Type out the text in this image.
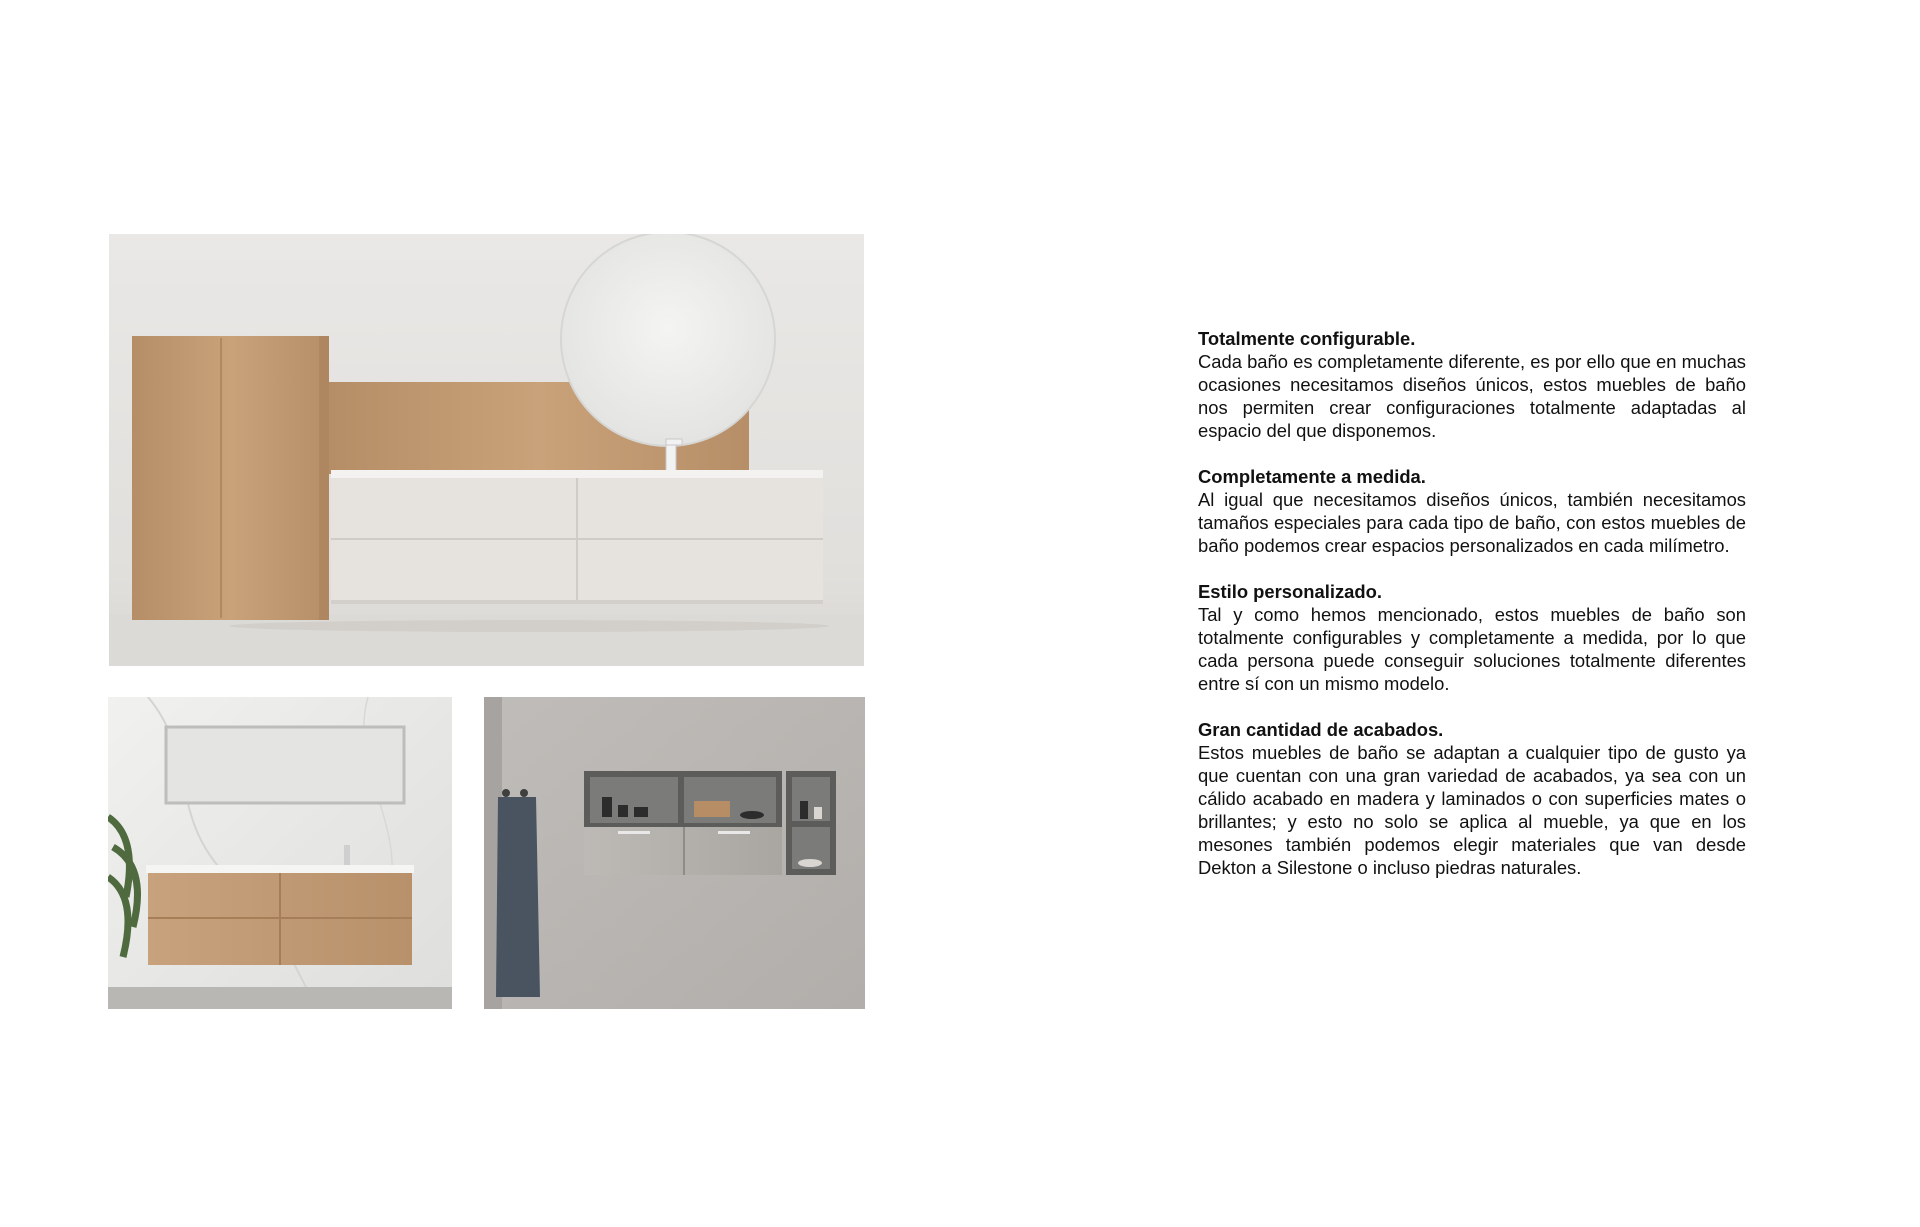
Totalmente configurable.

Cada baño es completamente diferente, es por ello que en muchas ocasiones necesitamos diseños únicos, estos muebles de baño nos permiten crear configuraciones totalmente adaptadas al espacio del que disponemos.

Completamente a medida.

Al igual que necesitamos diseños únicos, también necesitamos tamaños especiales para cada tipo de baño, con estos muebles de baño podemos crear espacios personalizados en cada milímetro.

Estilo personalizado.

Tal y como hemos mencionado, estos muebles de baño son totalmente configurables y completamente a medida, por lo que cada persona puede conseguir soluciones totalmente diferentes entre sí con un mismo modelo.

Gran cantidad de acabados.

Estos muebles de baño se adaptan a cualquier tipo de gusto ya que cuentan con una gran variedad de acabados, ya sea con un cálido acabado en madera y laminados o con superficies mates o brillantes; y esto no solo se aplica al mueble, ya que en los mesones también podemos elegir materiales que van desde Dekton a Silestone o incluso piedras naturales.
